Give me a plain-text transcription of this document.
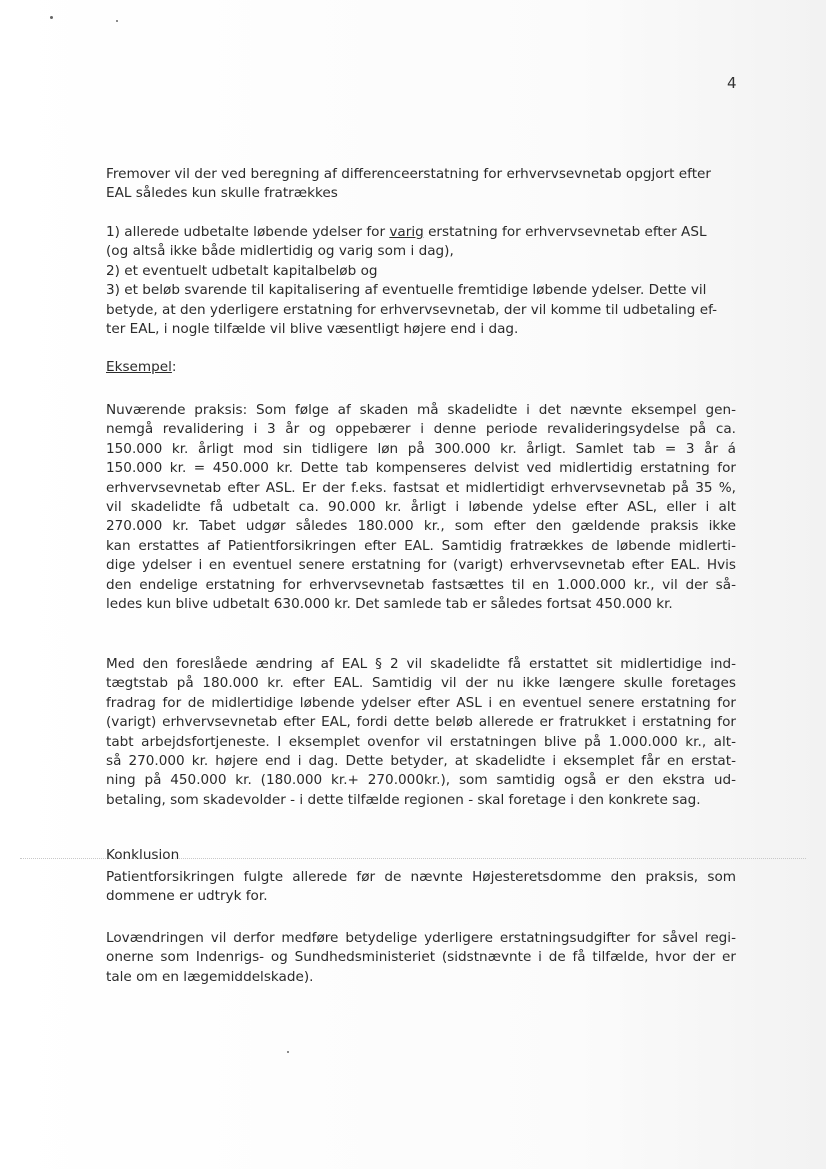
4
Fremover vil der ved beregning af differenceerstatning for erhvervsevnetab opgjort efter
EAL således kun skulle fratrækkes
1) allerede udbetalte løbende ydelser for varig erstatning for erhvervsevnetab efter ASL
(og altså ikke både midlertidig og varig som i dag),
2) et eventuelt udbetalt kapitalbeløb og
3) et beløb svarende til kapitalisering af eventuelle fremtidige løbende ydelser. Dette vil
betyde, at den yderligere erstatning for erhvervsevnetab, der vil komme til udbetaling ef-
ter EAL, i nogle tilfælde vil blive væsentligt højere end i dag.
Eksempel:
Nuværende praksis: Som følge af skaden må skadelidte i det nævnte eksempel gen-
nemgå revalidering i 3 år og oppebærer i denne periode revalideringsydelse på ca.
150.000 kr. årligt mod sin tidligere løn på 300.000 kr. årligt. Samlet tab = 3 år á
150.000 kr. = 450.000 kr. Dette tab kompenseres delvist ved midlertidig erstatning for
erhvervsevnetab efter ASL. Er der f.eks. fastsat et midlertidigt erhvervsevnetab på 35 %,
vil skadelidte få udbetalt ca. 90.000 kr. årligt i løbende ydelse efter ASL, eller i alt
270.000 kr. Tabet udgør således 180.000 kr., som efter den gældende praksis ikke
kan erstattes af Patientforsikringen efter EAL. Samtidig fratrækkes de løbende midlerti-
dige ydelser i en eventuel senere erstatning for (varigt) erhvervsevnetab efter EAL. Hvis
den endelige erstatning for erhvervsevnetab fastsættes til en 1.000.000 kr., vil der så-
ledes kun blive udbetalt 630.000 kr. Det samlede tab er således fortsat 450.000 kr.
Med den foreslåede ændring af EAL § 2 vil skadelidte få erstattet sit midlertidige ind-
tægtstab på 180.000 kr. efter EAL. Samtidig vil der nu ikke længere skulle foretages
fradrag for de midlertidige løbende ydelser efter ASL i en eventuel senere erstatning for
(varigt) erhvervsevnetab efter EAL, fordi dette beløb allerede er fratrukket i erstatning for
tabt arbejdsfortjeneste. I eksemplet ovenfor vil erstatningen blive på 1.000.000 kr., alt-
så 270.000 kr. højere end i dag. Dette betyder, at skadelidte i eksemplet får en erstat-
ning på 450.000 kr. (180.000 kr.+ 270.000kr.), som samtidig også er den ekstra ud-
betaling, som skadevolder - i dette tilfælde regionen - skal foretage i den konkrete sag.
Konklusion
Patientforsikringen fulgte allerede før de nævnte Højesteretsdomme den praksis, som
dommene er udtryk for.
Lovændringen vil derfor medføre betydelige yderligere erstatningsudgifter for såvel regi-
onerne som Indenrigs- og Sundhedsministeriet (sidstnævnte i de få tilfælde, hvor der er
tale om en lægemiddelskade).
